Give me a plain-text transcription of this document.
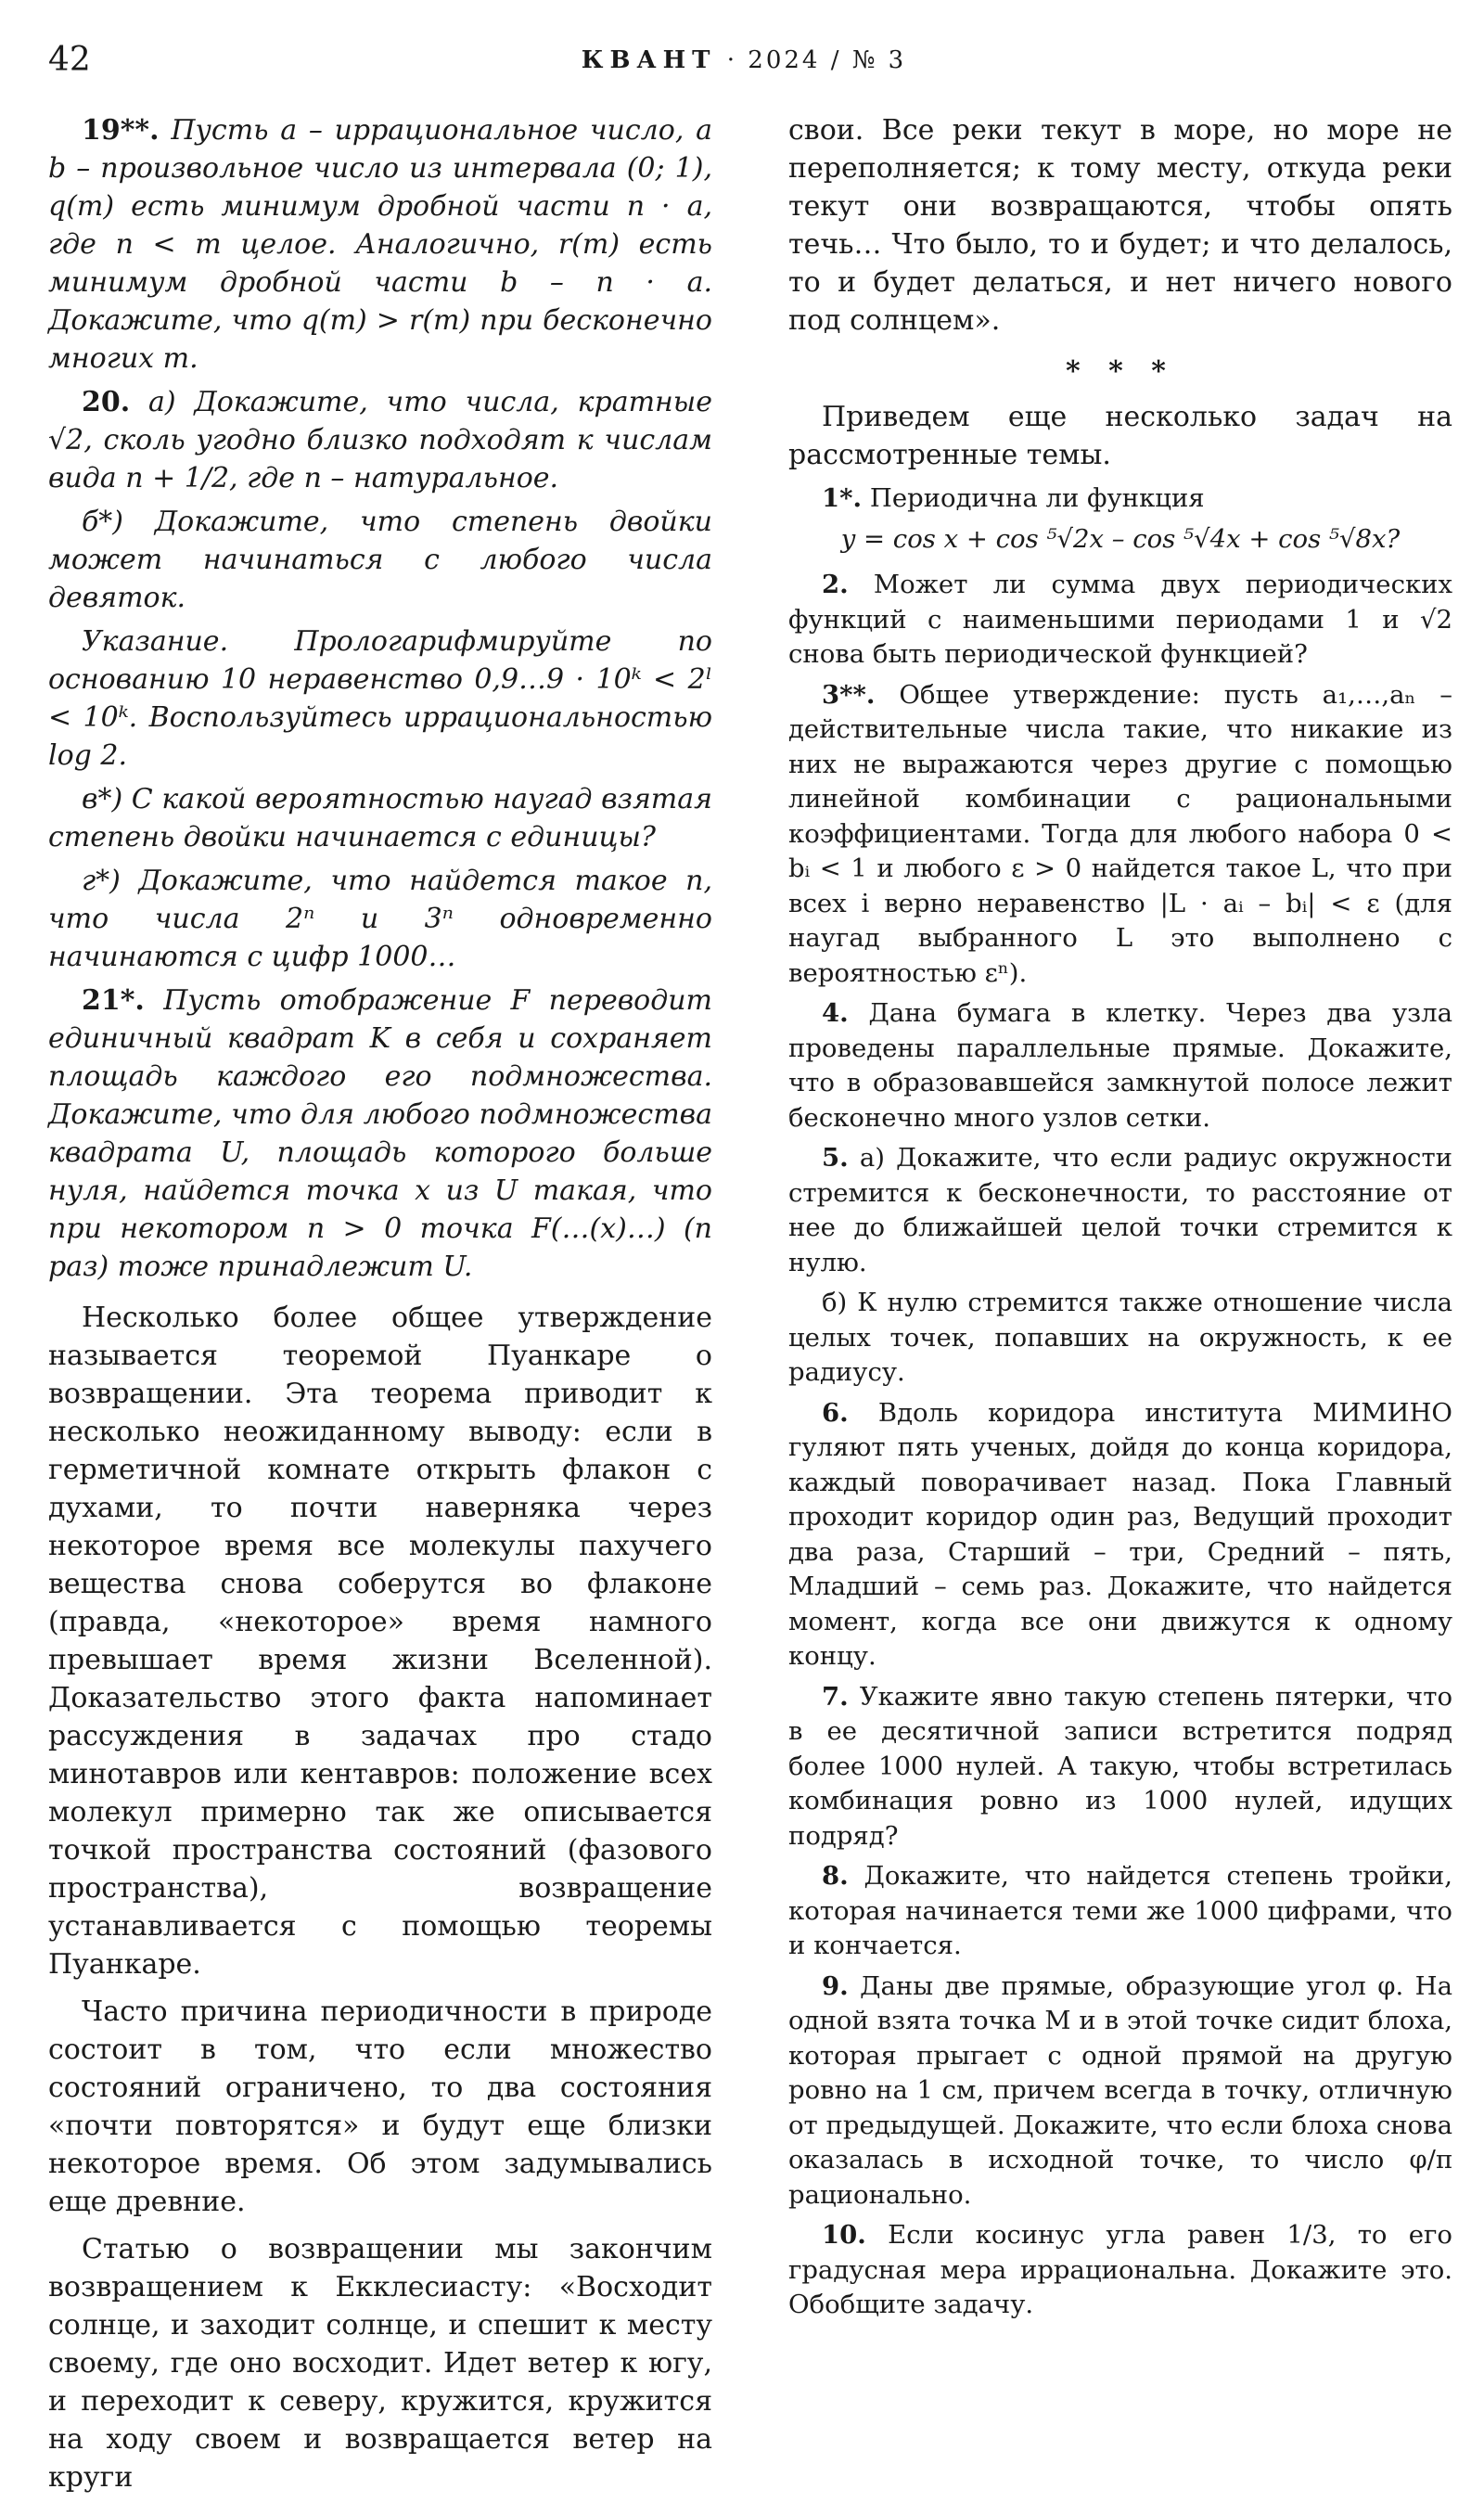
42	КВАНТ · 2024 / № 3

19**. Пусть a – иррациональное число, a b – произвольное число из интервала (0; 1), q(m) есть минимум дробной части n · a, где n < m целое. Аналогично, r(m) есть минимум дробной части b – n · a. Докажите, что q(m) > r(m) при бесконечно многих m.

20. а) Докажите, что числа, кратные √2, сколь угодно близко подходят к числам вида n + 1/2, где n – натуральное.

б*) Докажите, что степень двойки может начинаться с любого числа девяток.

Указание. Прологарифмируйте по основанию 10 неравенство 0,9…9 · 10ᵏ < 2ˡ < 10ᵏ. Воспользуйтесь иррациональностью log 2.

в*) С какой вероятностью наугад взятая степень двойки начинается с единицы?

г*) Докажите, что найдется такое n, что числа 2ⁿ и 3ⁿ одновременно начинаются с цифр 1000…

21*. Пусть отображение F переводит единичный квадрат K в себя и сохраняет площадь каждого его подмножества. Докажите, что для любого подмножества квадрата U, площадь которого больше нуля, найдется точка x из U такая, что при некотором n > 0 точка F(…(x)…) (n раз) тоже принадлежит U.

Несколько более общее утверждение называется теоремой Пуанкаре о возвращении. Эта теорема приводит к несколько неожиданному выводу: если в герметичной комнате открыть флакон с духами, то почти наверняка через некоторое время все молекулы пахучего вещества снова соберутся во флаконе (правда, «некоторое» время намного превышает время жизни Вселенной). Доказательство этого факта напоминает рассуждения в задачах про стадо минотавров или кентавров: положение всех молекул примерно так же описывается точкой пространства состояний (фазового пространства), возвращение устанавливается с помощью теоремы Пуанкаре.

Часто причина периодичности в природе состоит в том, что если множество состояний ограничено, то два состояния «почти повторятся» и будут еще близки некоторое время. Об этом задумывались еще древние.

Статью о возвращении мы закончим возвращением к Екклесиасту: «Восходит солнце, и заходит солнце, и спешит к месту своему, где оно восходит. Идет ветер к югу, и переходит к северу, кружится, кружится на ходу своем и возвращается ветер на круги

свои. Все реки текут в море, но море не переполняется; к тому месту, откуда реки текут они возвращаются, чтобы опять течь… Что было, то и будет; и что делалось, то и будет делаться, и нет ничего нового под солнцем».

* * *

Приведем еще несколько задач на рассмотренные темы.

1*. Периодична ли функция

y = cos x + cos ⁵√2x – cos ⁵√4x + cos ⁵√8x?

2. Может ли сумма двух периодических функций с наименьшими периодами 1 и √2 снова быть периодической функцией?

3**. Общее утверждение: пусть a₁,…,aₙ – действительные числа такие, что никакие из них не выражаются через другие с помощью линейной комбинации с рациональными коэффициентами. Тогда для любого набора 0 < bᵢ < 1 и любого ε > 0 найдется такое L, что при всех i верно неравенство |L · aᵢ – bᵢ| < ε (для наугад выбранного L это выполнено с вероятностью εⁿ).

4. Дана бумага в клетку. Через два узла проведены параллельные прямые. Докажите, что в образовавшейся замкнутой полосе лежит бесконечно много узлов сетки.

5. а) Докажите, что если радиус окружности стремится к бесконечности, то расстояние от нее до ближайшей целой точки стремится к нулю.

б) К нулю стремится также отношение числа целых точек, попавших на окружность, к ее радиусу.

6. Вдоль коридора института МИМИНО гуляют пять ученых, дойдя до конца коридора, каждый поворачивает назад. Пока Главный проходит коридор один раз, Ведущий проходит два раза, Старший – три, Средний – пять, Младший – семь раз. Докажите, что найдется момент, когда все они движутся к одному концу.

7. Укажите явно такую степень пятерки, что в ее десятичной записи встретится подряд более 1000 нулей. А такую, чтобы встретилась комбинация ровно из 1000 нулей, идущих подряд?

8. Докажите, что найдется степень тройки, которая начинается теми же 1000 цифрами, что и кончается.

9. Даны две прямые, образующие угол φ. На одной взята точка M и в этой точке сидит блоха, которая прыгает с одной прямой на другую ровно на 1 см, причем всегда в точку, отличную от предыдущей. Докажите, что если блоха снова оказалась в исходной точке, то число φ/π рационально.

10. Если косинус угла равен 1/3, то его градусная мера иррациональна. Докажите это. Обобщите задачу.
